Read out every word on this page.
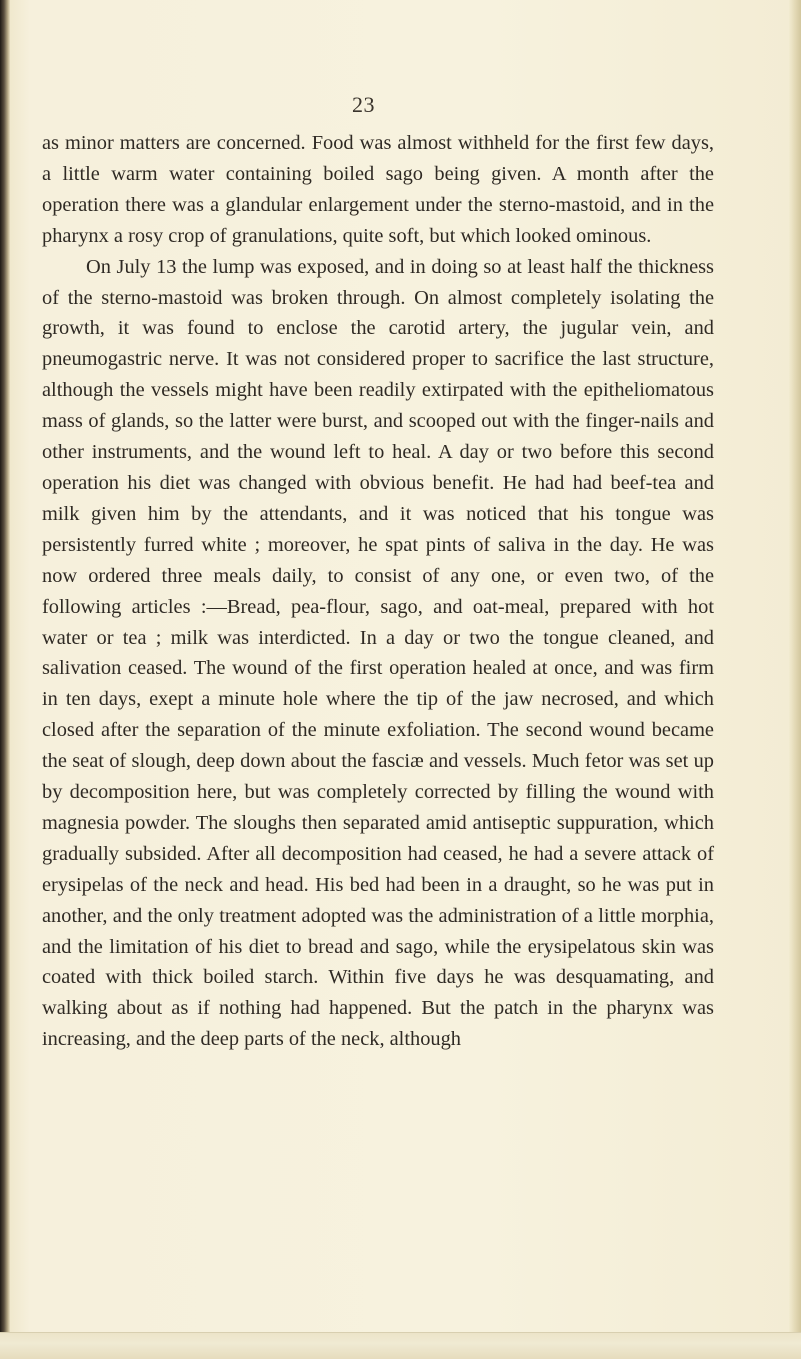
23

as minor matters are concerned. Food was almost withheld for the first few days, a little warm water containing boiled sago being given. A month after the operation there was a glandular enlargement under the sterno-mastoid, and in the pharynx a rosy crop of granulations, quite soft, but which looked ominous.

On July 13 the lump was exposed, and in doing so at least half the thickness of the sterno-mastoid was broken through. On almost completely isolating the growth, it was found to enclose the carotid artery, the jugular vein, and pneumogastric nerve. It was not considered proper to sacrifice the last structure, although the vessels might have been readily extirpated with the epitheliomatous mass of glands, so the latter were burst, and scooped out with the finger-nails and other instruments, and the wound left to heal. A day or two before this second operation his diet was changed with obvious benefit. He had had beef-tea and milk given him by the attendants, and it was noticed that his tongue was persistently furred white ; moreover, he spat pints of saliva in the day. He was now ordered three meals daily, to consist of any one, or even two, of the following articles :—Bread, pea-flour, sago, and oat-meal, prepared with hot water or tea ; milk was interdicted. In a day or two the tongue cleaned, and salivation ceased. The wound of the first operation healed at once, and was firm in ten days, exept a minute hole where the tip of the jaw necrosed, and which closed after the separation of the minute exfoliation. The second wound became the seat of slough, deep down about the fasciæ and vessels. Much fetor was set up by decomposition here, but was completely corrected by filling the wound with magnesia powder. The sloughs then separated amid antiseptic suppuration, which gradually subsided. After all decomposition had ceased, he had a severe attack of erysipelas of the neck and head. His bed had been in a draught, so he was put in another, and the only treatment adopted was the administration of a little morphia, and the limitation of his diet to bread and sago, while the erysipelatous skin was coated with thick boiled starch. Within five days he was desquamating, and walking about as if nothing had happened. But the patch in the pharynx was increasing, and the deep parts of the neck, although
